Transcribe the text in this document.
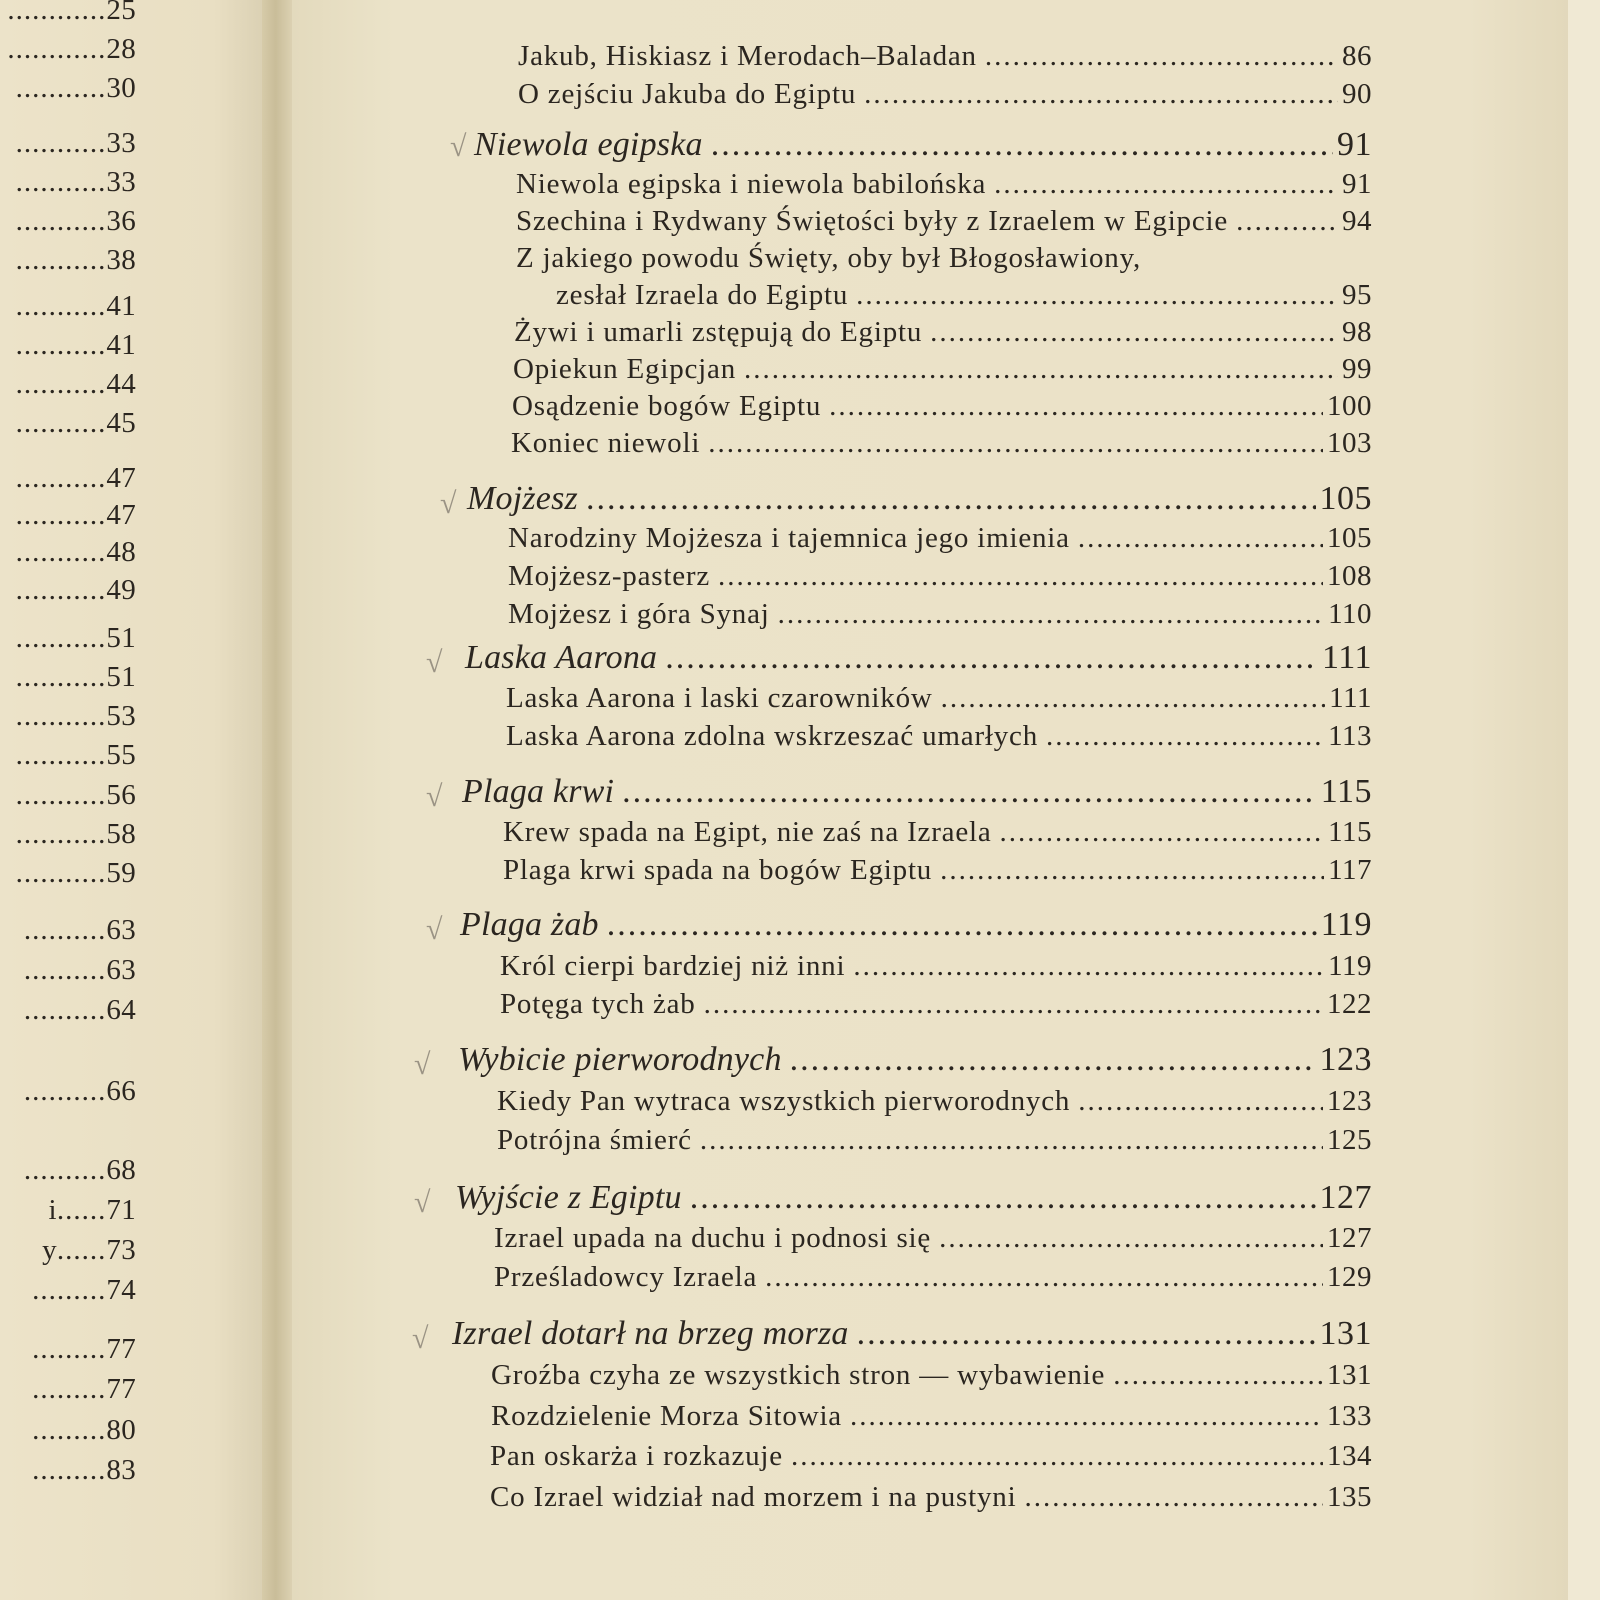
............25
............28
...........30
...........33
...........33
...........36
...........38
...........41
...........41
...........44
...........45
...........47
...........47
...........48
...........49
...........51
...........51
...........53
...........55
...........56
...........58
...........59
..........63
..........63
..........64
..........66
..........68
i......71
y......73
.........74
.........77
.........77
.........80
.........83
Jakub, Hiskiasz i Merodach–Baladan .....	86
O zejściu Jakuba do Egiptu .....	90
√ Niewola egipska .....	91
Niewola egipska i niewola babilońska .....	91
Szechina i Rydwany Świętości były z Izraelem w Egipcie .....	94
Z jakiego powodu Święty, oby był Błogosławiony,
zesłał Izraela do Egiptu .....	95
Żywi i umarli zstępują do Egiptu .....	98
Opiekun Egipcjan .....	99
Osądzenie bogów Egiptu .....	100
Koniec niewoli .....	103
√ Mojżesz .....	105
Narodziny Mojżesza i tajemnica jego imienia .....	105
Mojżesz-pasterz .....	108
Mojżesz i góra Synaj .....	110
√ Laska Aarona .....	111
Laska Aarona i laski czarowników .....	111
Laska Aarona zdolna wskrzeszać umarłych .....	113
√ Plaga krwi .....	115
Krew spada na Egipt, nie zaś na Izraela .....	115
Plaga krwi spada na bogów Egiptu .....	117
√ Plaga żab .....	119
Król cierpi bardziej niż inni .....	119
Potęga tych żab .....	122
√ Wybicie pierworodnych .....	123
Kiedy Pan wytraca wszystkich pierworodnych .....	123
Potrójna śmierć .....	125
√ Wyjście z Egiptu .....	127
Izrael upada na duchu i podnosi się .....	127
Prześladowcy Izraela .....	129
√ Izrael dotarł na brzeg morza .....	131
Groźba czyha ze wszystkich stron — wybawienie .....	131
Rozdzielenie Morza Sitowia .....	133
Pan oskarża i rozkazuje .....	134
Co Izrael widział nad morzem i na pustyni .....	135
